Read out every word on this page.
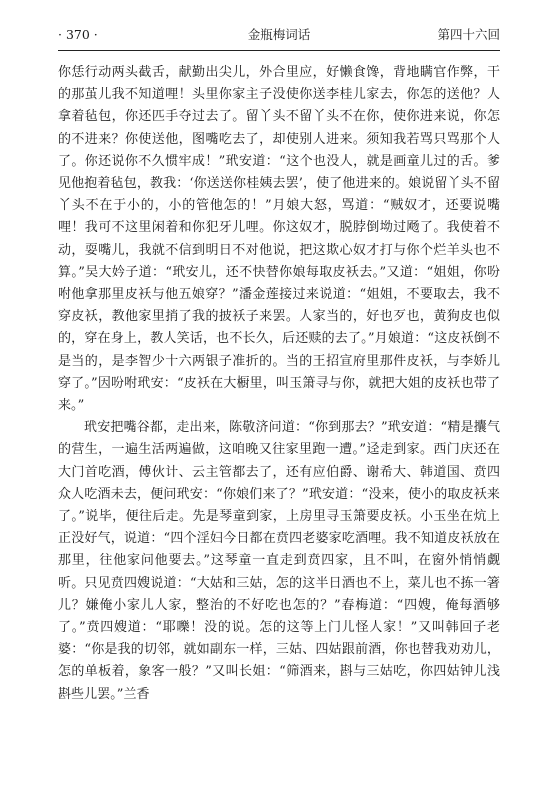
· 370 ·	金瓶梅词话	第四十六回

你恁行动两头截舌，献勤出尖儿，外合里应，好懒食馋，背地瞒官作弊，干的那茧儿我不知道哩！头里你家主子没使你送李桂儿家去，你怎的送他？人拿着毡包，你还匹手夺过去了。留丫头不留丫头不在你，使你进来说，你怎的不进来？你使送他，图嘴吃去了，却使别人进来。须知我若骂只骂那个人了。你还说你不久惯牢成！”玳安道：“这个也没人，就是画童儿过的舌。爹见他抱着毡包，教我：‘你送送你桂姨去罢’，使了他进来的。娘说留丫头不留丫头不在于小的，小的管他怎的！”月娘大怒，骂道：“贼奴才，还要说嘴哩！我可不这里闲着和你犯牙儿哩。你这奴才，脱脖倒坳过飏了。我使着不动，耍嘴儿，我就不信到明日不对他说，把这欺心奴才打与你个烂羊头也不算。”吴大妗子道：“玳安儿，还不快替你娘每取皮袄去。”又道：“姐姐，你吩咐他拿那里皮袄与他五娘穿？”潘金莲接过来说道：“姐姐，不要取去，我不穿皮袄，教他家里捎了我的披袄子来罢。人家当的，好也歹也，黄狗皮也似的，穿在身上，教人笑话，也不长久，后还赎的去了。”月娘道：“这皮袄倒不是当的，是李智少十六两银子准折的。当的王招宣府里那件皮袄，与李娇儿穿了。”因吩咐玳安：“皮袄在大橱里，叫玉箫寻与你，就把大姐的皮袄也带了来。”

玳安把嘴谷都，走出来，陈敬济问道：“你到那去？”玳安道：“精是攮气的营生，一遍生活两遍做，这咱晚又往家里跑一遭。”迳走到家。西门庆还在大门首吃酒，傅伙计、云主管都去了，还有应伯爵、谢希大、韩道国、贲四众人吃酒未去，便问玳安：“你娘们来了？”玳安道：“没来，使小的取皮袄来了。”说毕，便往后走。先是琴童到家，上房里寻玉箫要皮袄。小玉坐在炕上正没好气，说道：“四个淫妇今日都在贲四老婆家吃酒哩。我不知道皮袄放在那里，往他家问他要去。”这琴童一直走到贲四家，且不叫，在窗外悄悄觑听。只见贲四嫂说道：“大姑和三姑，怎的这半日酒也不上，菜儿也不拣一箸儿？嫌俺小家儿人家，整治的不好吃也怎的？”春梅道：“四嫂，俺每酒够了。”贲四嫂道：“耶嚛！没的说。怎的这等上门儿怪人家！”又叫韩回子老婆：“你是我的切邻，就如副东一样，三姑、四姑跟前酒，你也替我劝劝儿，怎的单板着，象客一般？”又叫长姐：“筛酒来，斟与三姑吃，你四姑钟儿浅斟些儿罢。”兰香
